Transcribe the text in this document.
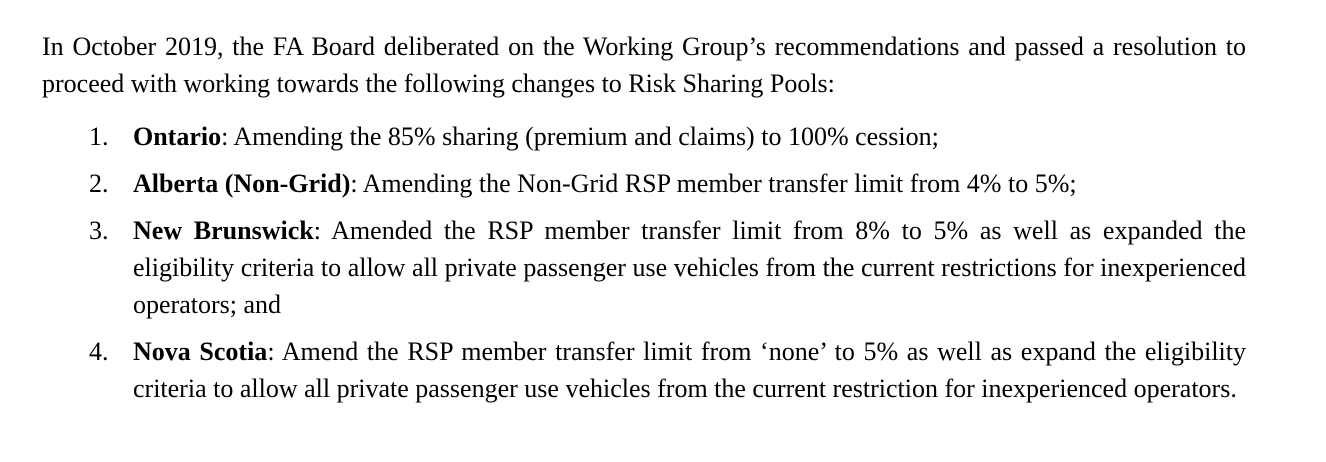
In October 2019, the FA Board deliberated on the Working Group’s recommendations and passed a resolution to proceed with working towards the following changes to Risk Sharing Pools:

1. Ontario: Amending the 85% sharing (premium and claims) to 100% cession;
2. Alberta (Non-Grid): Amending the Non-Grid RSP member transfer limit from 4% to 5%;
3. New Brunswick: Amended the RSP member transfer limit from 8% to 5% as well as expanded the eligibility criteria to allow all private passenger use vehicles from the current restrictions for inexperienced operators; and
4. Nova Scotia: Amend the RSP member transfer limit from ‘none’ to 5% as well as expand the eligibility criteria to allow all private passenger use vehicles from the current restriction for inexperienced operators.
